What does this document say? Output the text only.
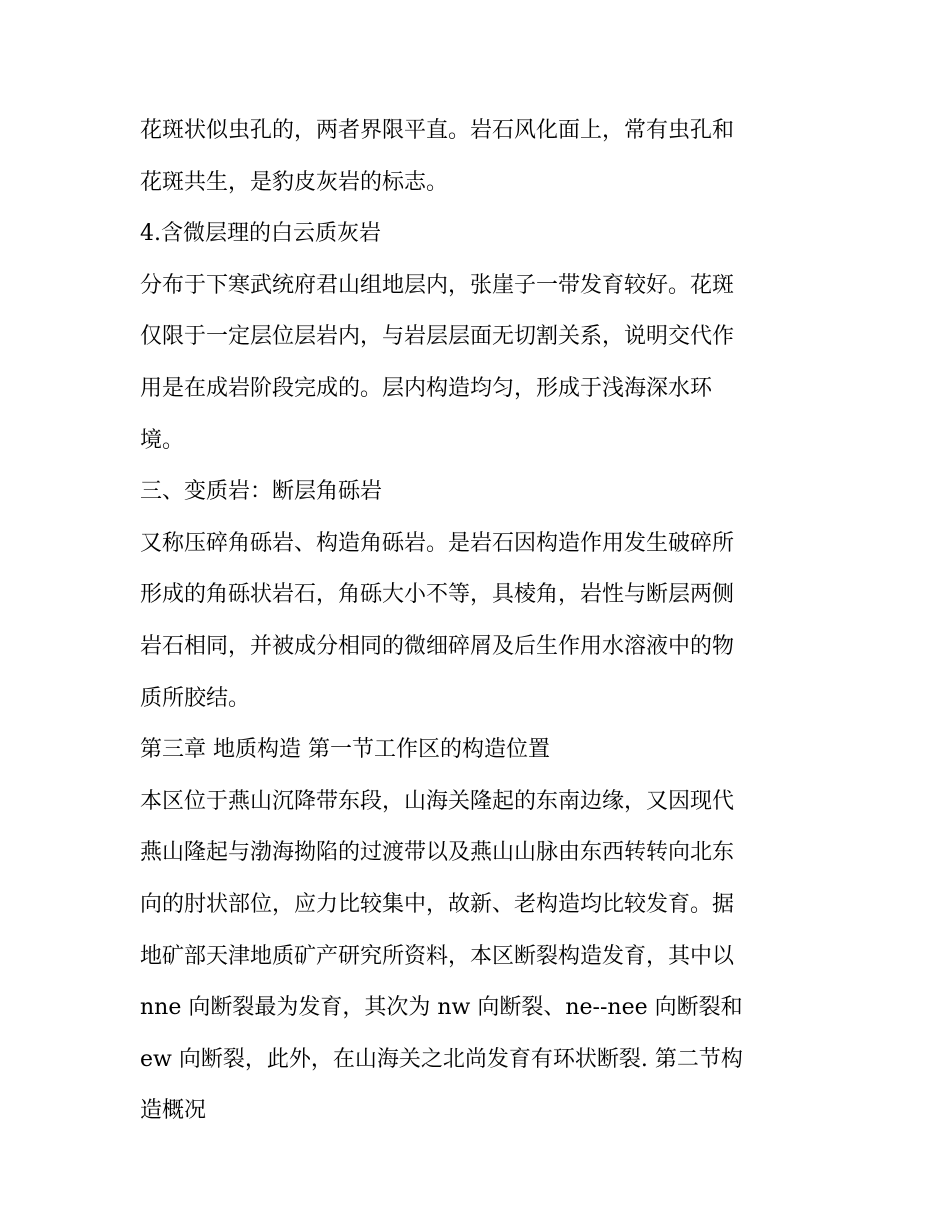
花斑状似虫孔的，两者界限平直。岩石风化面上，常有虫孔和

花斑共生，是豹皮灰岩的标志。

4.含微层理的白云质灰岩

分布于下寒武统府君山组地层内，张崖子一带发育较好。花斑

仅限于一定层位层岩内，与岩层层面无切割关系，说明交代作

用是在成岩阶段完成的。层内构造均匀，形成于浅海深水环

境。

三、变质岩：断层角砾岩

又称压碎角砾岩、构造角砾岩。是岩石因构造作用发生破碎所

形成的角砾状岩石，角砾大小不等，具棱角，岩性与断层两侧

岩石相同，并被成分相同的微细碎屑及后生作用水溶液中的物

质所胶结。

第三章 地质构造 第一节工作区的构造位置

本区位于燕山沉降带东段，山海关隆起的东南边缘，又因现代

燕山隆起与渤海拗陷的过渡带以及燕山山脉由东西转转向北东

向的肘状部位，应力比较集中，故新、老构造均比较发育。据

地矿部天津地质矿产研究所资料，本区断裂构造发育，其中以

nne 向断裂最为发育，其次为 nw 向断裂、ne--nee 向断裂和

ew 向断裂，此外，在山海关之北尚发育有环状断裂. 第二节构

造概况
